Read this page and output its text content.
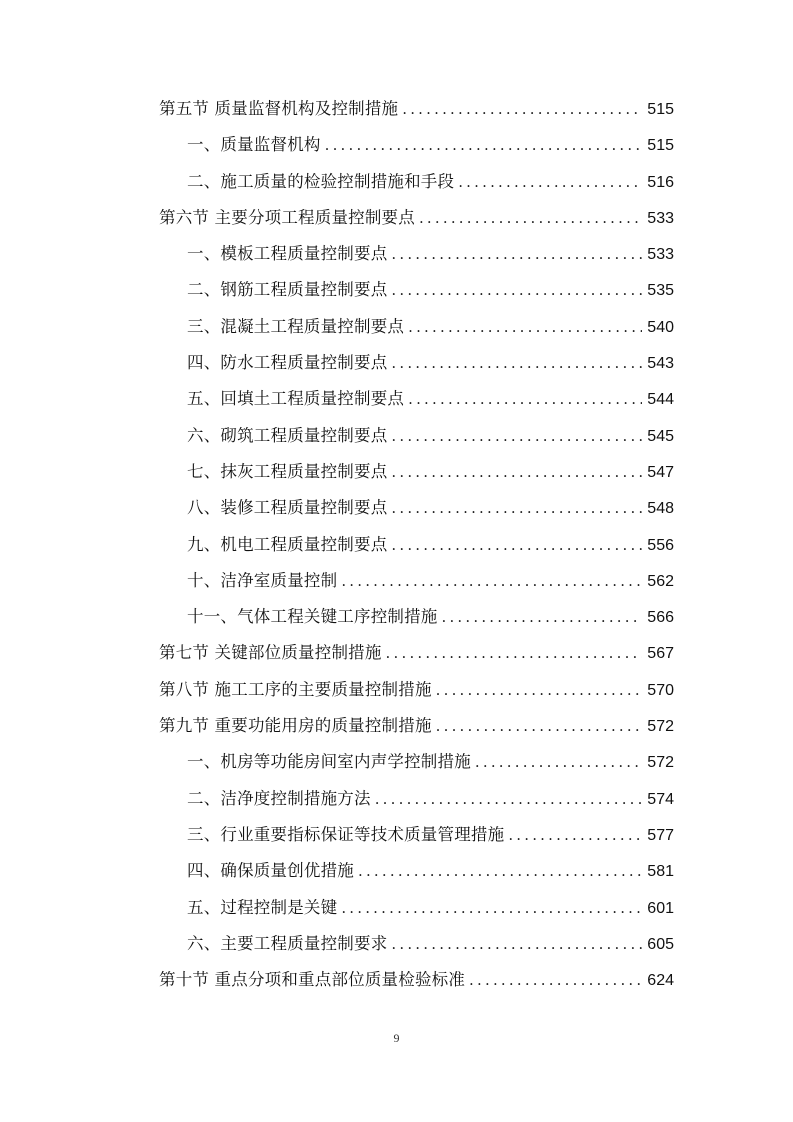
第五节 质量监督机构及控制措施 .....	515
一、质量监督机构 .....	515
二、施工质量的检验控制措施和手段 .....	516
第六节 主要分项工程质量控制要点 .....	533
一、模板工程质量控制要点 .....	533
二、钢筋工程质量控制要点 .....	535
三、混凝土工程质量控制要点 .....	540
四、防水工程质量控制要点 .....	543
五、回填土工程质量控制要点 .....	544
六、砌筑工程质量控制要点 .....	545
七、抹灰工程质量控制要点 .....	547
八、装修工程质量控制要点 .....	548
九、机电工程质量控制要点 .....	556
十、洁净室质量控制 .....	562
十一、气体工程关键工序控制措施 .....	566
第七节 关键部位质量控制措施 .....	567
第八节 施工工序的主要质量控制措施 .....	570
第九节 重要功能用房的质量控制措施 .....	572
一、机房等功能房间室内声学控制措施 .....	572
二、洁净度控制措施方法 .....	574
三、行业重要指标保证等技术质量管理措施 .....	577
四、确保质量创优措施 .....	581
五、过程控制是关键 .....	601
六、主要工程质量控制要求 .....	605
第十节 重点分项和重点部位质量检验标准 .....	624
9
